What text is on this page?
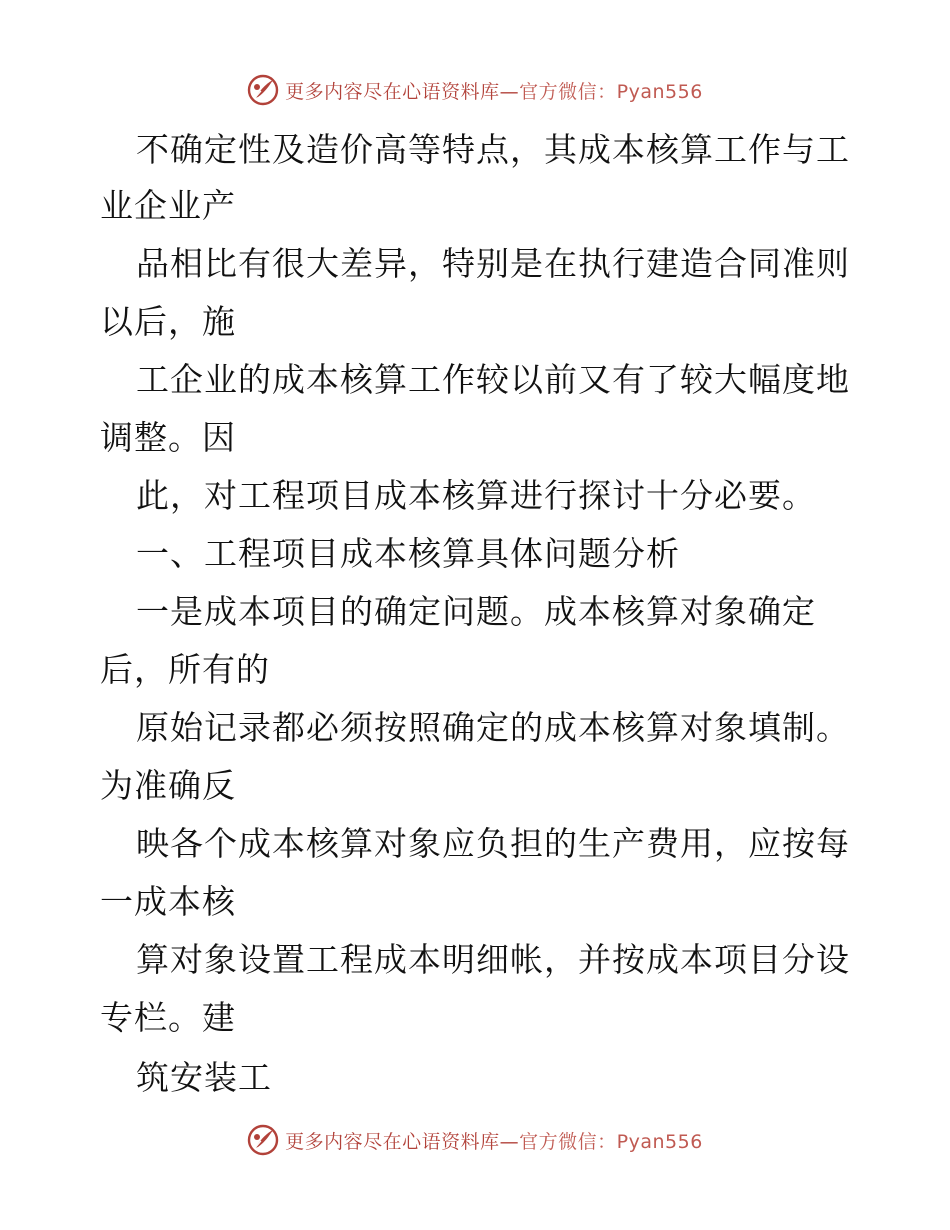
更多内容尽在心语资料库—官方微信：Pyan556
不确定性及造价高等特点，其成本核算工作与工
业企业产
品相比有很大差异，特别是在执行建造合同准则
以后，施
工企业的成本核算工作较以前又有了较大幅度地
调整。因
此，对工程项目成本核算进行探讨十分必要。
一、工程项目成本核算具体问题分析
一是成本项目的确定问题。成本核算对象确定
后，所有的
原始记录都必须按照确定的成本核算对象填制。
为准确反
映各个成本核算对象应负担的生产费用，应按每
一成本核
算对象设置工程成本明细帐，并按成本项目分设
专栏。建
筑安装工
更多内容尽在心语资料库—官方微信：Pyan556
